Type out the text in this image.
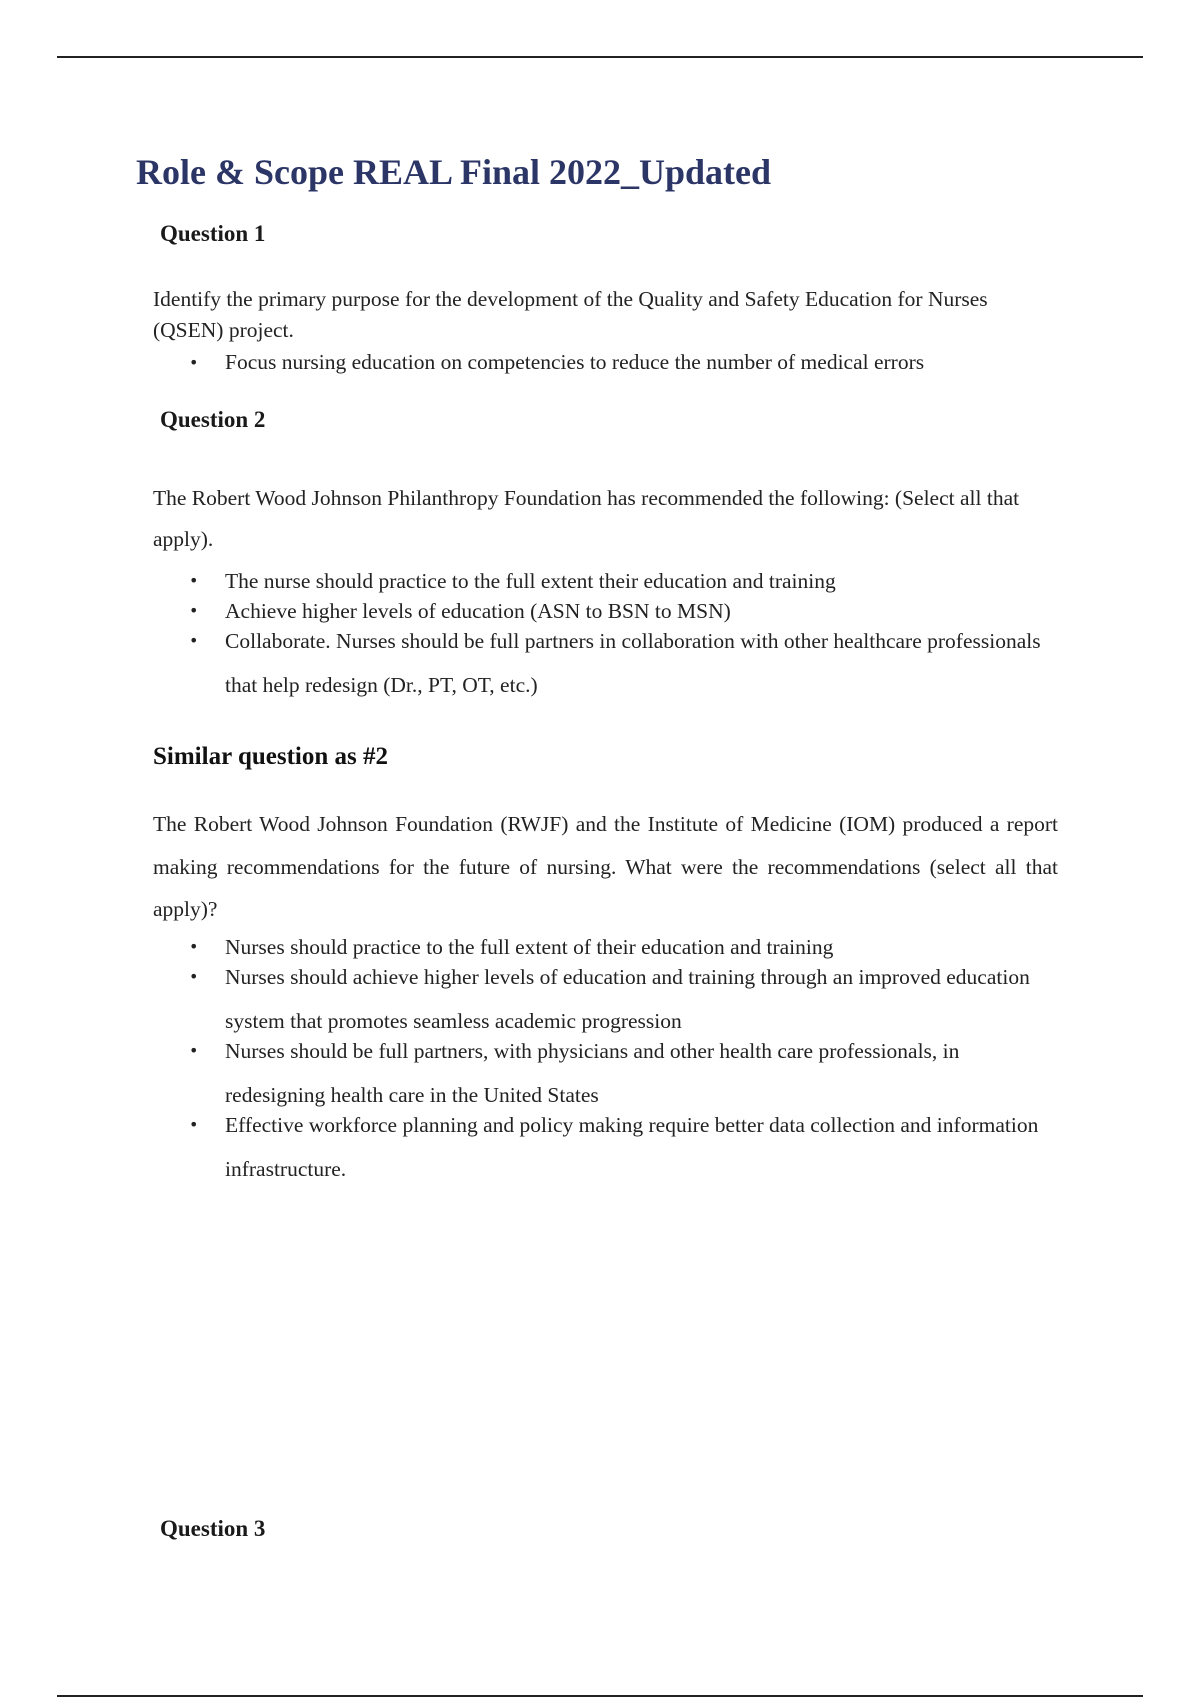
Role & Scope REAL Final 2022_Updated
Question 1

Identify the primary purpose for the development of the Quality and Safety Education for Nurses (QSEN) project.

• Focus nursing education on competencies to reduce the number of medical errors
Question 2

The Robert Wood Johnson Philanthropy Foundation has recommended the following: (Select all that apply).

• The nurse should practice to the full extent their education and training
• Achieve higher levels of education (ASN to BSN to MSN)
• Collaborate. Nurses should be full partners in collaboration with other healthcare professionals that help redesign (Dr., PT, OT, etc.)
Similar question as #2

The Robert Wood Johnson Foundation (RWJF) and the Institute of Medicine (IOM) produced a report making recommendations for the future of nursing. What were the recommendations (select all that apply)?

• Nurses should practice to the full extent of their education and training
• Nurses should achieve higher levels of education and training through an improved education system that promotes seamless academic progression
• Nurses should be full partners, with physicians and other health care professionals, in redesigning health care in the United States
• Effective workforce planning and policy making require better data collection and information infrastructure.
Question 3
